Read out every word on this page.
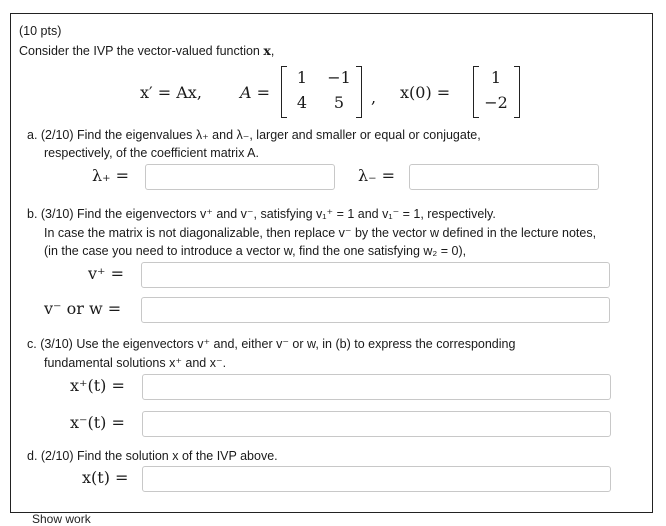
(10 pts)
Consider the IVP the vector-valued function x,
x′ = Ax, A =
1	−1
4	5	, x(0) =
1
−2
a. (2/10) Find the eigenvalues λ₊ and λ₋, larger and smaller or equal or conjugate,
respectively, of the coefficient matrix A.
λ₊ =	λ₋ =
b. (3/10) Find the eigenvectors v⁺ and v⁻, satisfying v₁⁺ = 1 and v₁⁻ = 1, respectively.
In case the matrix is not diagonalizable, then replace v⁻ by the vector w defined in the lecture notes,
(in the case you need to introduce a vector w, find the one satisfying w₂ = 0),
v⁺ =
v⁻ or w =
c. (3/10) Use the eigenvectors v⁺ and, either v⁻ or w, in (b) to express the corresponding
fundamental solutions x⁺ and x⁻.
x⁺(t) =
x⁻(t) =
d. (2/10) Find the solution x of the IVP above.
x(t) =
Show work
